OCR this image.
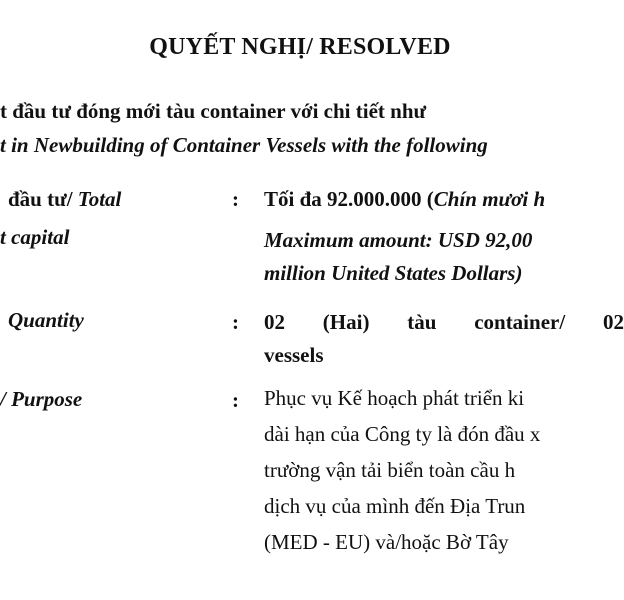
QUYẾT NGHỊ/ RESOLVED
t đầu tư đóng mới tàu container với chi tiết như
t in Newbuilding of Container Vessels with the following
đầu tư/ Total
t capital
: Tối đa 92.000.000 (Chín mươi h
Maximum amount: USD 92,00
million United States Dollars)
Quantity	: 02 (Hai) tàu container/ 02
vessels
/ Purpose	: Phục vụ Kế hoạch phát triển ki
dài hạn của Công ty là đón đầu x
trường vận tải biển toàn cầu h
dịch vụ của mình đến Địa Trun
(MED - EU) và/hoặc Bờ Tây
